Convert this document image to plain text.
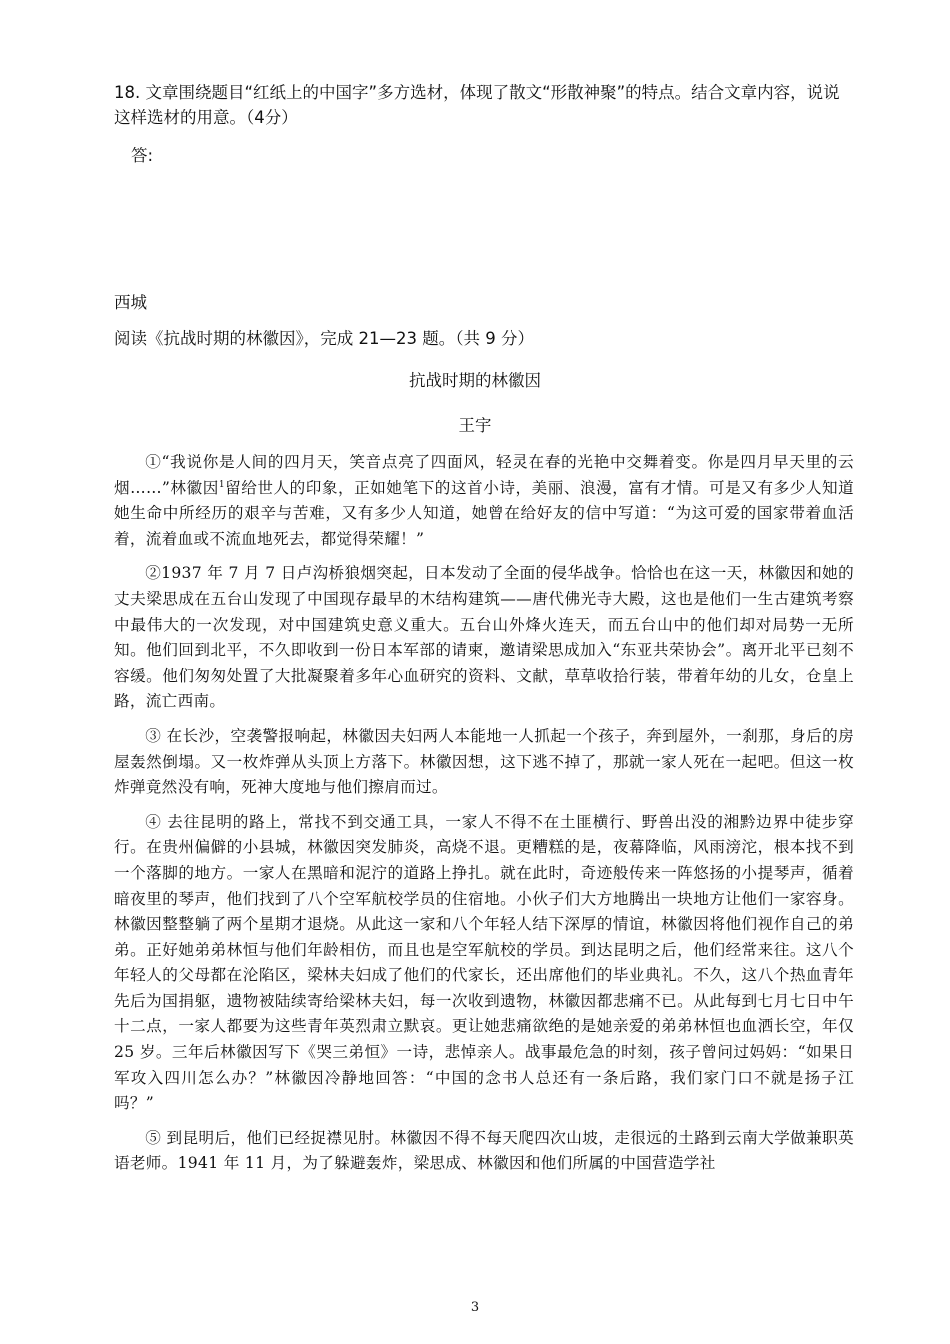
18. 文章围绕题目“红纸上的中国字”多方选材，体现了散文“形散神聚”的特点。结合文章内容，说说这样选材的用意。（4分）

答:

西城

阅读《抗战时期的林徽因》，完成 21—23 题。（共 9 分）

抗战时期的林徽因

王宇

①“我说你是人间的四月天，笑音点亮了四面风，轻灵在春的光艳中交舞着变。你是四月早天里的云烟……”林徽因$^1$留给世人的印象，正如她笔下的这首小诗，美丽、浪漫，富有才情。可是又有多少人知道她生命中所经历的艰辛与苦难，又有多少人知道，她曾在给好友的信中写道：“为这可爱的国家带着血活着，流着血或不流血地死去，都觉得荣耀！”

②1937 年 7 月 7 日卢沟桥狼烟突起，日本发动了全面的侵华战争。恰恰也在这一天，林徽因和她的丈夫梁思成在五台山发现了中国现存最早的木结构建筑——唐代佛光寺大殿，这也是他们一生古建筑考察中最伟大的一次发现，对中国建筑史意义重大。五台山外烽火连天，而五台山中的他们却对局势一无所知。他们回到北平，不久即收到一份日本军部的请柬，邀请梁思成加入“东亚共荣协会”。离开北平已刻不容缓。他们匆匆处置了大批凝聚着多年心血研究的资料、文献，草草收拾行装，带着年幼的儿女，仓皇上路，流亡西南。

③ 在长沙，空袭警报响起，林徽因夫妇两人本能地一人抓起一个孩子，奔到屋外，一刹那，身后的房屋轰然倒塌。又一枚炸弹从头顶上方落下。林徽因想，这下逃不掉了，那就一家人死在一起吧。但这一枚炸弹竟然没有响，死神大度地与他们擦肩而过。

④ 去往昆明的路上，常找不到交通工具，一家人不得不在土匪横行、野兽出没的湘黔边界中徒步穿行。在贵州偏僻的小县城，林徽因突发肺炎，高烧不退。更糟糕的是，夜幕降临，风雨滂沱，根本找不到一个落脚的地方。一家人在黑暗和泥泞的道路上挣扎。就在此时，奇迹般传来一阵悠扬的小提琴声，循着暗夜里的琴声，他们找到了八个空军航校学员的住宿地。小伙子们大方地腾出一块地方让他们一家容身。林徽因整整躺了两个星期才退烧。从此这一家和八个年轻人结下深厚的情谊，林徽因将他们视作自己的弟弟。正好她弟弟林恒与他们年龄相仿，而且也是空军航校的学员。到达昆明之后，他们经常来往。这八个年轻人的父母都在沦陷区，梁林夫妇成了他们的代家长，还出席他们的毕业典礼。不久，这八个热血青年先后为国捐躯，遗物被陆续寄给梁林夫妇，每一次收到遗物，林徽因都悲痛不已。从此每到七月七日中午十二点，一家人都要为这些青年英烈肃立默哀。更让她悲痛欲绝的是她亲爱的弟弟林恒也血洒长空，年仅 25 岁。三年后林徽因写下《哭三弟恒》一诗，悲悼亲人。战事最危急的时刻，孩子曾问过妈妈：“如果日军攻入四川怎么办？”林徽因冷静地回答：“中国的念书人总还有一条后路，我们家门口不就是扬子江吗？”

⑤ 到昆明后，他们已经捉襟见肘。林徽因不得不每天爬四次山坡，走很远的土路到云南大学做兼职英语老师。1941 年 11 月，为了躲避轰炸，梁思成、林徽因和他们所属的中国营造学社

3
